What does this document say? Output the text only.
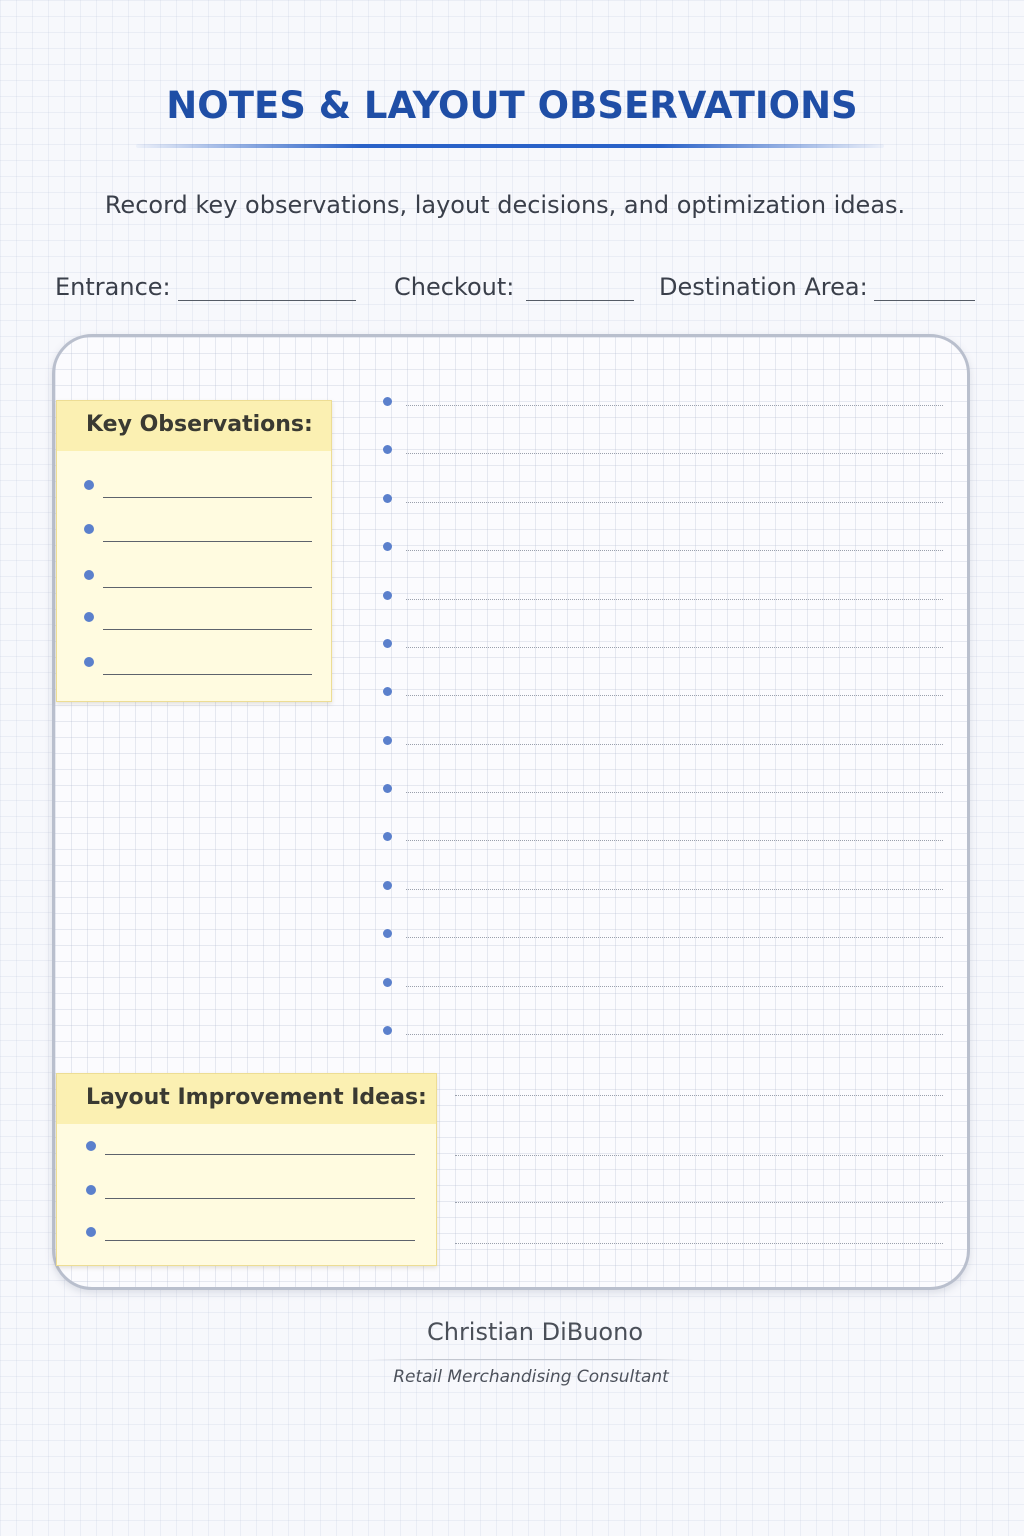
NOTES & LAYOUT OBSERVATIONS
Record key observations, layout decisions, and optimization ideas.
Entrance:	Checkout:	Destination Area:
Key Observations:
Layout Improvement Ideas:
Christian DiBuono
Retail Merchandising Consultant
